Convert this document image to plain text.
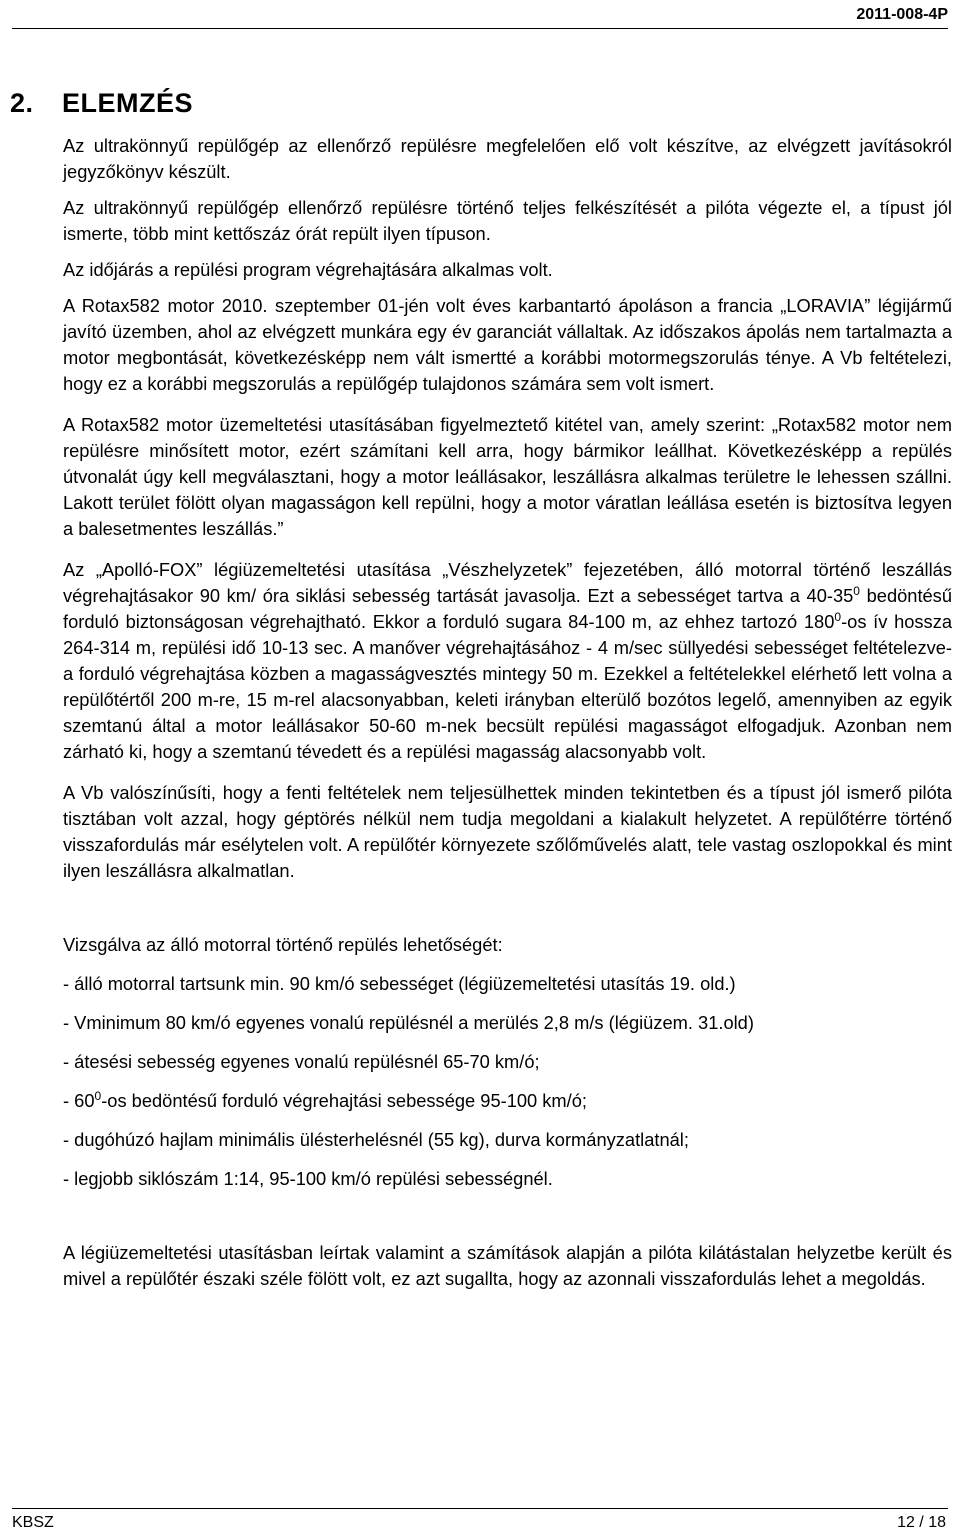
2011-008-4P
2. ELEMZÉS

Az ultrakönnyű repülőgép az ellenőrző repülésre megfelelően elő volt készítve, az elvégzett javításokról jegyzőkönyv készült.

Az ultrakönnyű repülőgép ellenőrző repülésre történő teljes felkészítését a pilóta végezte el, a típust jól ismerte, több mint kettőszáz órát repült ilyen típuson.

Az időjárás a repülési program végrehajtására alkalmas volt.

A Rotax582 motor 2010. szeptember 01-jén volt éves karbantartó ápoláson a francia „LORAVIA” légijármű javító üzemben, ahol az elvégzett munkára egy év garanciát vállaltak. Az időszakos ápolás nem tartalmazta a motor megbontását, következésképp nem vált ismertté a korábbi motormegszorulás ténye. A Vb feltételezi, hogy ez a korábbi megszorulás a repülőgép tulajdonos számára sem volt ismert.

A Rotax582 motor üzemeltetési utasításában figyelmeztető kitétel van, amely szerint: „Rotax582 motor nem repülésre minősített motor, ezért számítani kell arra, hogy bármikor leállhat. Következésképp a repülés útvonalát úgy kell megválasztani, hogy a motor leállásakor, leszállásra alkalmas területre le lehessen szállni. Lakott terület fölött olyan magasságon kell repülni, hogy a motor váratlan leállása esetén is biztosítva legyen a balesetmentes leszállás.”

Az „Apolló-FOX” légiüzemeltetési utasítása „Vészhelyzetek” fejezetében, álló motorral történő leszállás végrehajtásakor 90 km/ óra siklási sebesség tartását javasolja. Ezt a sebességet tartva a $40-35^0$ bedöntésű forduló biztonságosan végrehajtható. Ekkor a forduló sugara 84-100 m, az ehhez tartozó $180^0-os$ ív hossza 264-314 m, repülési idő 10-13 sec. A manőver végrehajtásához - 4 m/sec süllyedési sebességet feltételezve- a forduló végrehajtása közben a magasságvesztés mintegy 50 m. Ezekkel a feltételekkel elérhető lett volna a repülőtértől 200 m-re, 15 m-rel alacsonyabban, keleti irányban elterülő bozótos legelő, amennyiben az egyik szemtanú által a motor leállásakor 50-60 m-nek becsült repülési magasságot elfogadjuk. Azonban nem zárható ki, hogy a szemtanú tévedett és a repülési magasság alacsonyabb volt.

A Vb valószínűsíti, hogy a fenti feltételek nem teljesülhettek minden tekintetben és a típust jól ismerő pilóta tisztában volt azzal, hogy géptörés nélkül nem tudja megoldani a kialakult helyzetet. A repülőtérre történő visszafordulás már esélytelen volt. A repülőtér környezete szőlőművelés alatt, tele vastag oszlopokkal és mint ilyen leszállásra alkalmatlan.

Vizsgálva az álló motorral történő repülés lehetőségét:

- álló motorral tartsunk min. 90 km/ó sebességet (légiüzemeltetési utasítás 19. old.)

- Vminimum 80 km/ó egyenes vonalú repülésnél a merülés 2,8 m/s (légiüzem. 31.old)

- átesési sebesség egyenes vonalú repülésnél 65-70 km/ó;

- $60^0-os$ bedöntésű forduló végrehajtási sebessége 95-100 km/ó;

- dugóhúzó hajlam minimális ülésterhelésnél (55 kg), durva kormányzatlatnál;

- legjobb siklószám 1:14, 95-100 km/ó repülési sebességnél.

A légiüzemeltetési utasításban leírtak valamint a számítások alapján a pilóta kilátástalan helyzetbe került és mivel a repülőtér északi széle fölött volt, ez azt sugallta, hogy az azonnali visszafordulás lehet a megoldás.

KBSZ	12 / 18
